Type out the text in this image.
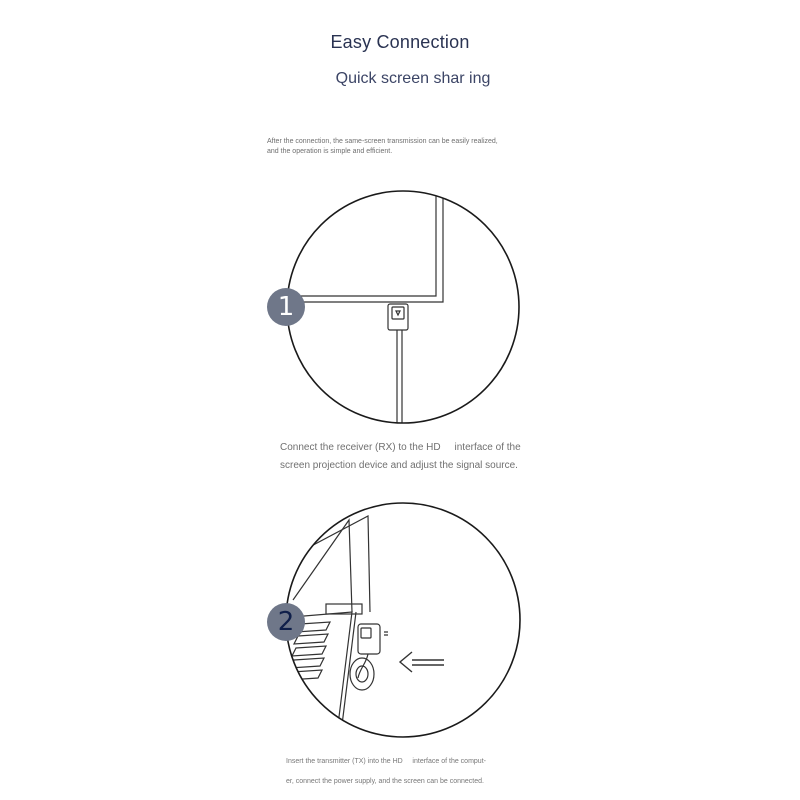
Easy Connection
Quick screen shar ing
After the connection, the same-screen transmission can be easily realized,
and the operation is simple and efficient.
1
2
Connect the receiver (RX) to the HD     interface of the
screen projection device and adjust the signal source.
Insert the transmitter (TX) into the HD     interface of the comput-
er, connect the power supply, and the screen can be connected.
